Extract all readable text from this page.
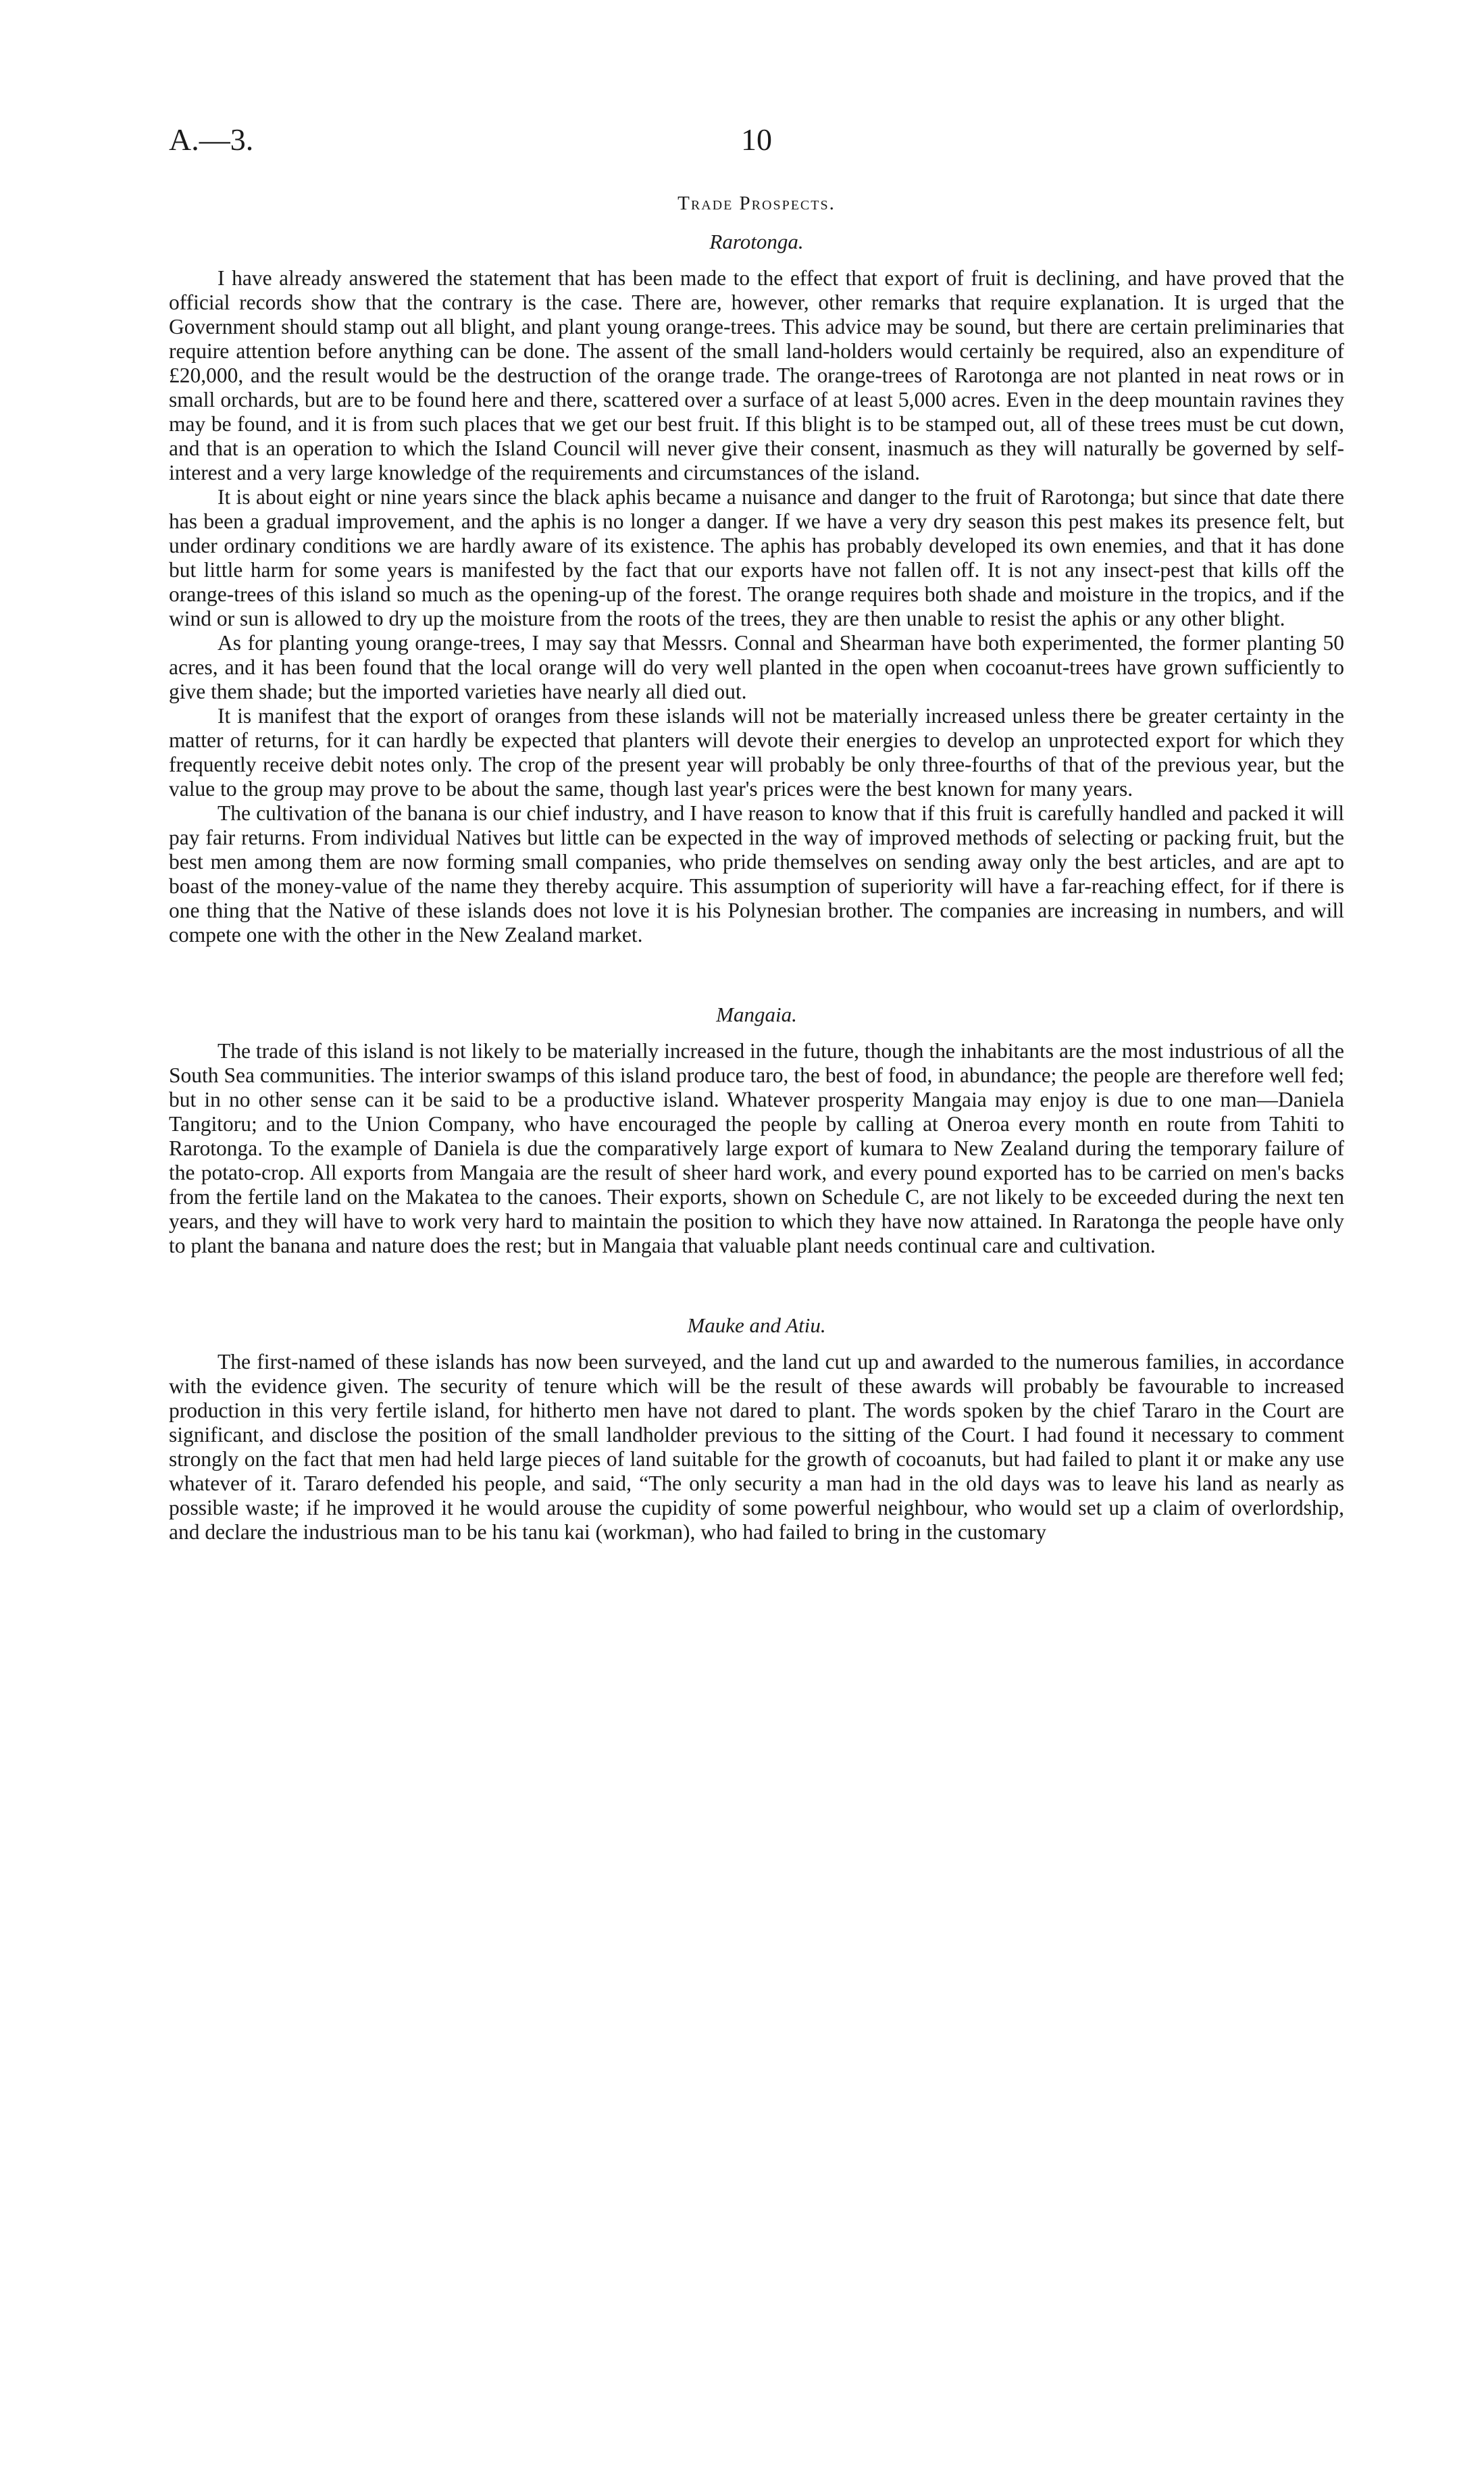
A.—3.	10
Trade Prospects.
Rarotonga.

I have already answered the statement that has been made to the effect that export of fruit is declining, and have proved that the official records show that the contrary is the case. There are, however, other remarks that require explanation. It is urged that the Government should stamp out all blight, and plant young orange-trees. This advice may be sound, but there are certain preliminaries that require attention before anything can be done. The assent of the small land-holders would certainly be required, also an expenditure of £20,000, and the result would be the destruction of the orange trade. The orange-trees of Rarotonga are not planted in neat rows or in small orchards, but are to be found here and there, scattered over a surface of at least 5,000 acres. Even in the deep mountain ravines they may be found, and it is from such places that we get our best fruit. If this blight is to be stamped out, all of these trees must be cut down, and that is an operation to which the Island Council will never give their consent, inasmuch as they will naturally be governed by self-interest and a very large knowledge of the requirements and circumstances of the island.

It is about eight or nine years since the black aphis became a nuisance and danger to the fruit of Rarotonga; but since that date there has been a gradual improvement, and the aphis is no longer a danger. If we have a very dry season this pest makes its presence felt, but under ordinary conditions we are hardly aware of its existence. The aphis has probably developed its own enemies, and that it has done but little harm for some years is manifested by the fact that our exports have not fallen off. It is not any insect-pest that kills off the orange-trees of this island so much as the opening-up of the forest. The orange requires both shade and moisture in the tropics, and if the wind or sun is allowed to dry up the moisture from the roots of the trees, they are then unable to resist the aphis or any other blight.

As for planting young orange-trees, I may say that Messrs. Connal and Shearman have both experimented, the former planting 50 acres, and it has been found that the local orange will do very well planted in the open when cocoanut-trees have grown sufficiently to give them shade; but the imported varieties have nearly all died out.

It is manifest that the export of oranges from these islands will not be materially increased unless there be greater certainty in the matter of returns, for it can hardly be expected that planters will devote their energies to develop an unprotected export for which they frequently receive debit notes only. The crop of the present year will probably be only three-fourths of that of the previous year, but the value to the group may prove to be about the same, though last year's prices were the best known for many years.

The cultivation of the banana is our chief industry, and I have reason to know that if this fruit is carefully handled and packed it will pay fair returns. From individual Natives but little can be expected in the way of improved methods of selecting or packing fruit, but the best men among them are now forming small companies, who pride themselves on sending away only the best articles, and are apt to boast of the money-value of the name they thereby acquire. This assumption of superiority will have a far-reaching effect, for if there is one thing that the Native of these islands does not love it is his Polynesian brother. The companies are increasing in numbers, and will compete one with the other in the New Zealand market.

Mangaia.

The trade of this island is not likely to be materially increased in the future, though the inhabitants are the most industrious of all the South Sea communities. The interior swamps of this island produce taro, the best of food, in abundance; the people are therefore well fed; but in no other sense can it be said to be a productive island. Whatever prosperity Mangaia may enjoy is due to one man—Daniela Tangitoru; and to the Union Company, who have encouraged the people by calling at Oneroa every month en route from Tahiti to Rarotonga. To the example of Daniela is due the comparatively large export of kumara to New Zealand during the temporary failure of the potato-crop. All exports from Mangaia are the result of sheer hard work, and every pound exported has to be carried on men's backs from the fertile land on the Makatea to the canoes. Their exports, shown on Schedule C, are not likely to be exceeded during the next ten years, and they will have to work very hard to maintain the position to which they have now attained. In Raratonga the people have only to plant the banana and nature does the rest; but in Mangaia that valuable plant needs continual care and cultivation.

Mauke and Atiu.

The first-named of these islands has now been surveyed, and the land cut up and awarded to the numerous families, in accordance with the evidence given. The security of tenure which will be the result of these awards will probably be favourable to increased production in this very fertile island, for hitherto men have not dared to plant. The words spoken by the chief Tararo in the Court are significant, and disclose the position of the small landholder previous to the sitting of the Court. I had found it necessary to comment strongly on the fact that men had held large pieces of land suitable for the growth of cocoanuts, but had failed to plant it or make any use whatever of it. Tararo defended his people, and said, “The only security a man had in the old days was to leave his land as nearly as possible waste; if he improved it he would arouse the cupidity of some powerful neighbour, who would set up a claim of overlordship, and declare the industrious man to be his tanu kai (workman), who had failed to bring in the customary
